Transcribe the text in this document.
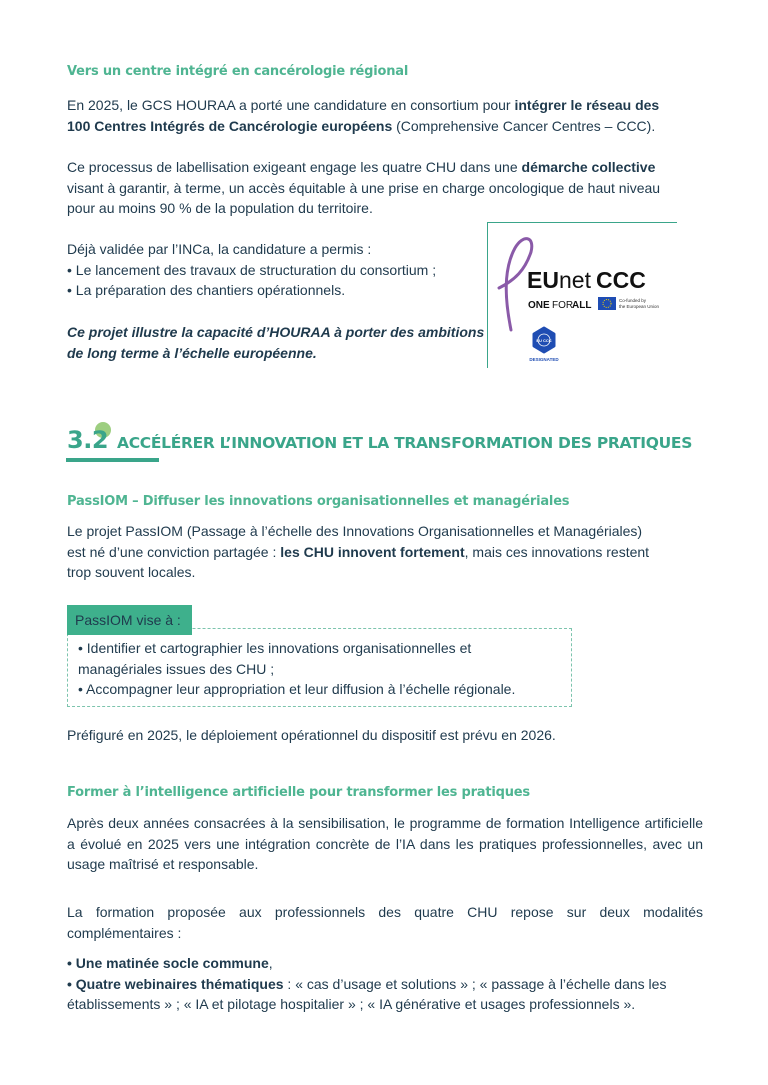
Vers un centre intégré en cancérologie régional
En 2025, le GCS HOURAA a porté une candidature en consortium pour intégrer le réseau des
100 Centres Intégrés de Cancérologie européens (Comprehensive Cancer Centres – CCC).
Ce processus de labellisation exigeant engage les quatre CHU dans une démarche collective
visant à garantir, à terme, un accès équitable à une prise en charge oncologique de haut niveau
pour au moins 90 % de la population du territoire.
Déjà validée par l’INCa, la candidature a permis :
• Le lancement des travaux de structuration du consortium ;
• La préparation des chantiers opérationnels.
Ce projet illustre la capacité d’HOURAA à porter des ambitions
de long terme à l’échelle européenne.
EU net CCC
ONE FOR
ALL	Co-funded by
the European Union
EU CCC
DESIGNATED
3.2 ACCÉLÉRER L’INNOVATION ET LA TRANSFORMATION DES PRATIQUES
PassIOM – Diffuser les innovations organisationnelles et managériales
Le projet PassIOM (Passage à l’échelle des Innovations Organisationnelles et Managériales)
est né d’une conviction partagée : les CHU innovent fortement, mais ces innovations restent
trop souvent locales.
PassIOM vise à :
• Identifier et cartographier les innovations organisationnelles et
managériales issues des CHU ;
• Accompagner leur appropriation et leur diffusion à l’échelle régionale.
Préfiguré en 2025, le déploiement opérationnel du dispositif est prévu en 2026.
Former à l’intelligence artificielle pour transformer les pratiques
Après deux années consacrées à la sensibilisation, le programme de formation Intelligence artificielle a évolué en 2025 vers une intégration concrète de l’IA dans les pratiques professionnelles, avec un usage maîtrisé et responsable.
La formation proposée aux professionnels des quatre CHU repose sur deux modalités complémentaires :
• Une matinée socle commune,
• Quatre webinaires thématiques : « cas d’usage et solutions » ; « passage à l’échelle dans les établissements » ; « IA et pilotage hospitalier » ; « IA générative et usages professionnels ».
